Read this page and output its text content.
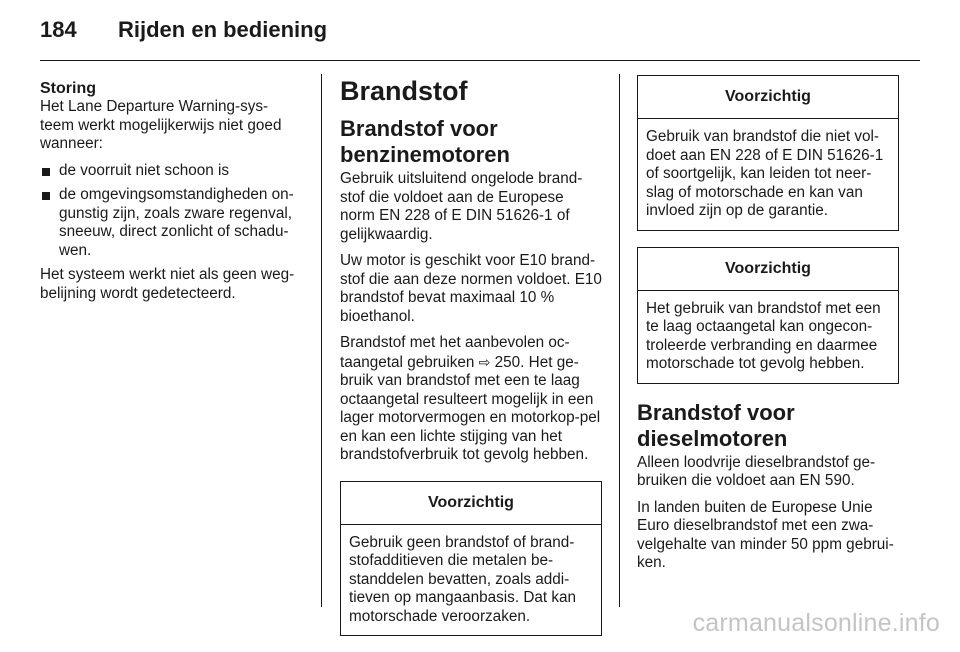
184	Rijden en bediening

Storing

Het Lane Departure Warning-sys-teem werkt mogelijkerwijs niet goed wanneer:

de voorruit niet schoon is
de omgevingsomstandigheden on-gunstig zijn, zoals zware regenval, sneeuw, direct zonlicht of schadu-wen.

Het systeem werkt niet als geen weg-belijning wordt gedetecteerd.

Brandstof
Brandstof voor benzinemotoren

Gebruik uitsluitend ongelode brand-stof die voldoet aan de Europese norm EN 228 of E DIN 51626-1 of gelijkwaardig.

Uw motor is geschikt voor E10 brand-stof die aan deze normen voldoet. E10 brandstof bevat maximaal 10 % bioethanol.

Brandstof met het aanbevolen oc-taangetal gebruiken ⇨ 250. Het ge-bruik van brandstof met een te laag octaangetal resulteert mogelijk in een lager motorvermogen en motorkop-pel en kan een lichte stijging van het brandstofverbruik tot gevolg hebben.

Voorzichtig
Gebruik geen brandstof of brand-stofadditieven die metalen be-standdelen bevatten, zoals addi-tieven op mangaanbasis. Dat kan motorschade veroorzaken.
Voorzichtig
Gebruik van brandstof die niet vol-doet aan EN 228 of E DIN 51626-1 of soortgelijk, kan leiden tot neer-slag of motorschade en kan van invloed zijn op de garantie.
Voorzichtig
Het gebruik van brandstof met een te laag octaangetal kan ongecon-troleerde verbranding en daarmee motorschade tot gevolg hebben.
Brandstof voor dieselmotoren

Alleen loodvrije dieselbrandstof ge-bruiken die voldoet aan EN 590.

In landen buiten de Europese Unie Euro dieselbrandstof met een zwa-velgehalte van minder 50 ppm gebrui-ken.

carmanualsonline.info
